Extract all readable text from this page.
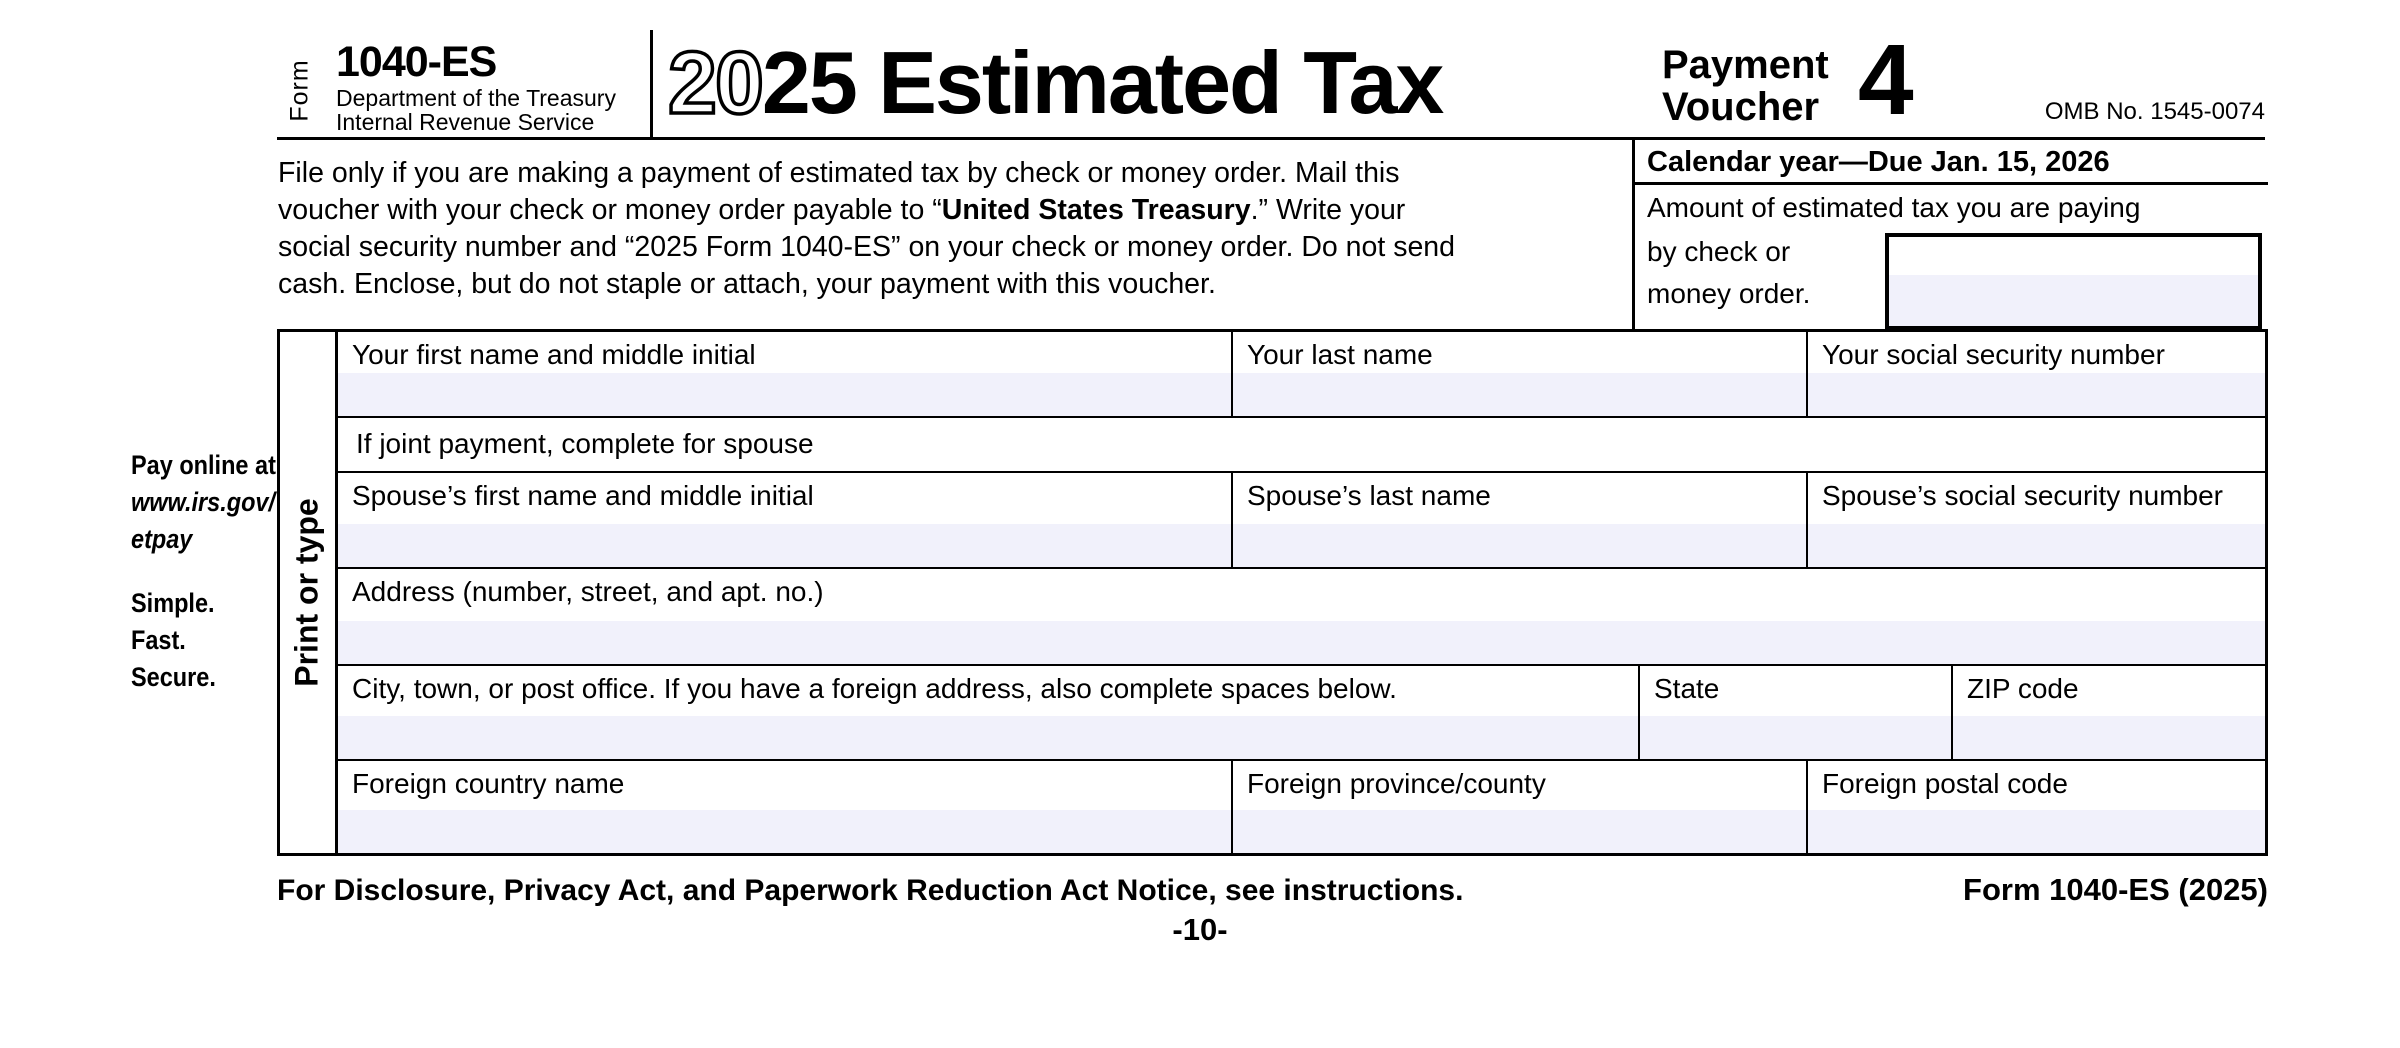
Form 1040-ES
Department of the Treasury
Internal Revenue Service 2025 Estimated Tax	Payment
Voucher 4	OMB No. 1545-0074
File only if you are making a payment of estimated tax by check or money order. Mail this
voucher with your check or money order payable to “United States Treasury.” Write your
social security number and “2025 Form 1040-ES” on your check or money order. Do not send
cash. Enclose, but do not staple or attach, your payment with this voucher.
Calendar year—Due Jan. 15, 2026
Amount of estimated tax you are paying
by check or
money order.
Pay online at
www.irs.gov/
etpay
Simple.
Fast.
Secure.	Print or type
Your first name and middle initial	Your last name	Your social security number
If joint payment, complete for spouse
Spouse’s first name and middle initial	Spouse’s last name	Spouse’s social security number
Address (number, street, and apt. no.)
City, town, or post office. If you have a foreign address, also complete spaces below.	State	ZIP code
Foreign country name	Foreign province/county	Foreign postal code
For Disclosure, Privacy Act, and Paperwork Reduction Act Notice, see instructions.	Form 1040-ES (2025)
-10-
